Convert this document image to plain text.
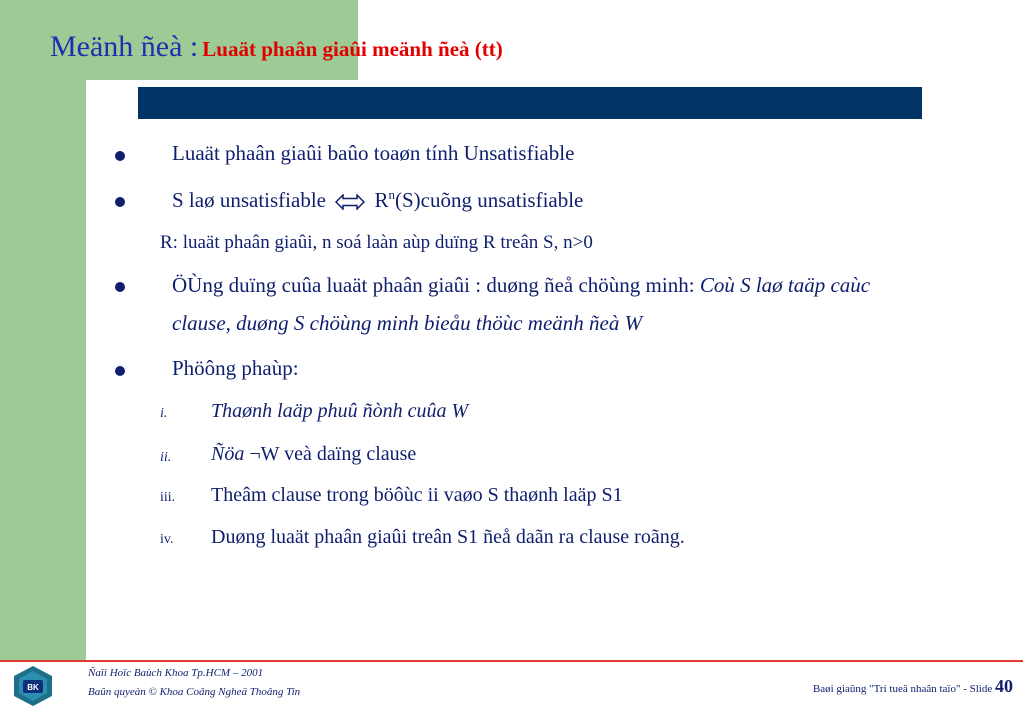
Meänh ñeà : Luaät phaân giaûi meänh ñeà (tt)
Luaät phaân giaûi baûo toaøn tính Unsatisfiable
S laø unsatisfiable $R^n(S)cuõng$ unsatisfiable
R: luaät phaân giaûi, n soá laàn aùp duïng R treân S, n>0
ÖÙng duïng cuûa luaät phaân giaûi : duøng ñeå chöùng minh: Coù S laø taäp caùc
clause, duøng S chöùng minh bieåu thöùc meänh ñeà W
Phöông phaùp:
i. Thaønh laäp phuû ñònh cuûa W
ii. Ñöa ¬W veà daïng clause
iii. Theâm clause trong böôùc ii vaøo S thaønh laäp S1
iv. Duøng luaät phaân giaûi treân S1 ñeå daãn ra clause roãng.
BK
Ñaïi Hoïc Baùch Khoa Tp.HCM – 2001
Baûn quyeàn © Khoa Coâng Ngheä Thoâng Tin	Baøi giaûng "Trí tueä nhaân taïo" - Slide 40
